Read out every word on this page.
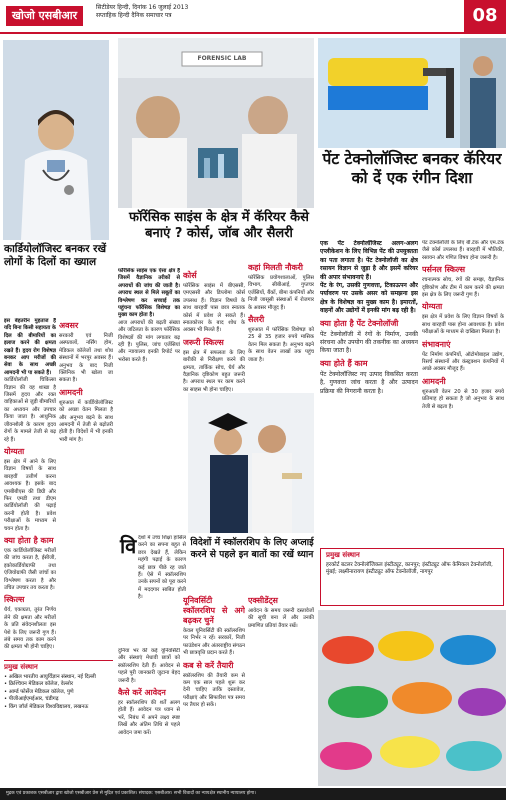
खोजो एसबीआर
सिटीडेयर हिन्दी, दिनांक 16 जुलाई 2013
सप्ताहिक हिन्दी दैनिक समाचार पत्र	08
कार्डियोलॉजिस्ट बनकर रखें लोगों के दिलों का ख्याल

इस बेहतरीन मुहताज हैं यदि बिना किसी सहायता के दिल की बीमारियों का इलाज करने की क्षमता रखते हैं। हृदय रोग विशेषज्ञ बनकर आप मरीजों की सेवा के साथ अच्छी आमदनी भी पा सकते हैं।

कार्डियोलॉजी चिकित्सा विज्ञान की वह शाखा है जिसमें हृदय और रक्त वाहिकाओं से जुड़ी बीमारियों का अध्ययन और उपचार किया जाता है। आधुनिक जीवनशैली के कारण हृदय रोगों के मामले तेजी से बढ़ रहे हैं।

योग्यता

इस क्षेत्र में आने के लिए विज्ञान विषयों के साथ बारहवीं उत्तीर्ण करना आवश्यक है। इसके बाद एमबीबीएस की डिग्री और फिर एमडी तथा डीएम कार्डियोलॉजी की पढ़ाई करनी होती है। प्रवेश परीक्षाओं के माध्यम से चयन होता है।

क्या होता है काम

एक कार्डियोलॉजिस्ट मरीजों की जांच करता है, ईसीजी, इकोकार्डियोग्राफी तथा एंजियोग्राफी जैसी जांचों का विश्लेषण करता है और उचित उपचार तय करता है।

स्किल्स

धैर्य, एकाग्रता, तुरंत निर्णय लेने की क्षमता और मरीजों के प्रति संवेदनशीलता इस पेशे के लिए जरूरी गुण हैं। लंबे समय तक काम करने की क्षमता भी होनी चाहिए।

अवसर

सरकारी एवं निजी अस्पतालों, नर्सिंग होम, मेडिकल कॉलेजों तथा शोध संस्थानों में भरपूर अवसर हैं। अनुभव के बाद निजी क्लिनिक भी खोला जा सकता है।

आमदनी

शुरुआत में कार्डियोलॉजिस्ट को अच्छा वेतन मिलता है और अनुभव बढ़ने के साथ आमदनी में तेजी से बढ़ोतरी होती है। विदेशों में भी इनकी भारी मांग है।

प्रमुख संस्थान
• अखिल भारतीय आयुर्विज्ञान संस्थान, नई दिल्ली
• क्रिश्चियन मेडिकल कॉलेज, वेल्लोर
• आर्म्ड फोर्सेज मेडिकल कॉलेज, पुणे
• पीजीआईएमईआर, चंडीगढ़
• किंग जॉर्ज मेडिकल विश्वविद्यालय, लखनऊ
FORENSIC LAB
फॉरेंसिक साइंस के क्षेत्र में कॅरियर कैसे बनाएं ? कोर्स, जॉब और सैलरी

फॉरेंसिक साइंस एक ऐसा क्षेत्र है जिसमें वैज्ञानिक तरीकों से अपराधों की जांच की जाती है। अपराध स्थल से मिले सबूतों का विश्लेषण कर सच्चाई तक पहुंचना फॉरेंसिक विशेषज्ञ का मुख्य काम होता है।

आज अपराधों की बढ़ती संख्या और जटिलता के कारण फॉरेंसिक विशेषज्ञों की मांग लगातार बढ़ रही है। पुलिस, जांच एजेंसियां और न्यायालय इनकी रिपोर्ट पर भरोसा करते हैं।

कोर्स

फॉरेंसिक साइंस में बीएससी, एमएससी और डिप्लोमा कोर्स उपलब्ध हैं। विज्ञान विषयों के साथ बारहवीं पास छात्र स्नातक कोर्स में प्रवेश ले सकते हैं। स्नातकोत्तर के बाद शोध के अवसर भी मिलते हैं।

जरूरी स्किल्स

इस क्षेत्र में सफलता के लिए बारीकी से निरीक्षण करने की क्षमता, तार्किक सोच, धैर्य और वैज्ञानिक दृष्टिकोण बहुत जरूरी है। अपराध स्थल पर काम करने का साहस भी होना चाहिए।

कहां मिलती नौकरी

फॉरेंसिक प्रयोगशालाओं, पुलिस विभाग, सीबीआई, गुप्तचर एजेंसियों, बैंकों, बीमा कंपनियों और निजी जासूसी संस्थाओं में रोजगार के अवसर मौजूद हैं।

सैलरी

शुरुआत में फॉरेंसिक विशेषज्ञ को 25 से 35 हजार रुपये मासिक वेतन मिल सकता है। अनुभव बढ़ने के साथ वेतन लाखों तक पहुंच जाता है।

वि देशों में उच्च शिक्षा हासिल करने का सपना बहुत से छात्र देखते हैं, लेकिन महंगी पढ़ाई के कारण कई छात्र पीछे रह जाते हैं। ऐसे में स्कॉलरशिप उनके सपनों को पूरा करने में मददगार साबित होती है।
विदेशों में स्कॉलरशिप के लिए अप्लाई करने से पहले इन बातों का रखें ध्यान

दुनिया भर की कई यूनिवर्सिटी और संस्थाएं मेधावी छात्रों को स्कॉलरशिप देती हैं। आवेदन से पहले पूरी जानकारी जुटाना बेहद जरूरी है।

कैसे करें आवेदन

हर स्कॉलरशिप की शर्तें अलग होती हैं। आवेदन पत्र ध्यान से भरें, निबंध में अपने लक्ष्य स्पष्ट लिखें और अंतिम तिथि से पहले आवेदन जमा करें।

यूनिवर्सिटी स्कॉलरशिप से अगे बढ़कर चुनें

केवल यूनिवर्सिटी की स्कॉलरशिप पर निर्भर न रहें। सरकारें, निजी फाउंडेशन और अंतरराष्ट्रीय संगठन भी छात्रवृत्ति प्रदान करते हैं।

कब से करें तैयारी

स्कॉलरशिप की तैयारी कम से कम एक साल पहले शुरू कर देनी चाहिए ताकि दस्तावेज, परीक्षाएं और सिफारिश पत्र समय पर तैयार हो सकें।

एक्सीडेंट्स

आवेदन के समय जरूरी दस्तावेजों की सूची बना लें और उनकी प्रमाणित प्रतियां तैयार रखें।

पेंट टेक्नोलॉजिस्ट बनकर कॅरियर को दें एक रंगीन दिशा

एक पेंट टेक्नोलॉजिस्ट अलग-अलग एप्लीकेशन के लिए विभिन्न पेंट की उपयुक्तता का पता लगाता है। पेंट टेक्नोलॉजी का क्षेत्र रसायन विज्ञान से जुड़ा है और इसमें करियर की अपार संभावनाएं हैं।

पेंट के रंग, उसकी गुणवत्ता, टिकाऊपन और पर्यावरण पर उसके असर को समझना इस क्षेत्र के विशेषज्ञ का मुख्य काम है। इमारतों, वाहनों और उद्योगों में इनकी मांग बढ़ रही है।

क्या होता है पेंट टेक्नोलॉजी

पेंट टेक्नोलॉजी में रंगों के निर्माण, उनकी संरचना और उपयोग की तकनीक का अध्ययन किया जाता है।

क्या होते हैं काम

पेंट टेक्नोलॉजिस्ट नए उत्पाद विकसित करता है, गुणवत्ता जांच करता है और उत्पादन प्रक्रिया की निगरानी करता है।

पेंट टेक्नोलॉजी के लिए बी.टेक और एम.टेक जैसे कोर्स उपलब्ध हैं। बारहवीं में भौतिकी, रसायन और गणित विषय होना जरूरी है।

पर्सनल स्किल्स

रचनात्मक सोच, रंगों की समझ, वैज्ञानिक दृष्टिकोण और टीम में काम करने की क्षमता इस क्षेत्र के लिए जरूरी गुण हैं।

योग्यता

इस क्षेत्र में प्रवेश के लिए विज्ञान विषयों के साथ बारहवीं पास होना आवश्यक है। प्रवेश परीक्षाओं के माध्यम से दाखिला मिलता है।

संभावनाएं

पेंट निर्माण कंपनियों, ऑटोमोबाइल उद्योग, रिसर्च संस्थानों और कंस्ट्रक्शन कंपनियों में अच्छे अवसर मौजूद हैं।

आमदनी

शुरुआती वेतन 20 से 30 हजार रुपये प्रतिमाह हो सकता है जो अनुभव के साथ तेजी से बढ़ता है।

प्रमुख संस्थान
हरकोर्ट बटलर टेक्नोलॉजिकल इंस्टीट्यूट, कानपुर; इंस्टीट्यूट ऑफ केमिकल टेक्नोलॉजी, मुंबई; लक्ष्मीनारायण इंस्टीट्यूट ऑफ टेक्नोलॉजी, नागपुर
मुद्रक एवं प्रकाशक एसबीआर द्वारा खोजो एसबीआर प्रेस से मुद्रित एवं प्रकाशित। संपादक: एसबीआर। सभी विवादों का न्यायक्षेत्र स्थानीय न्यायालय होगा।
